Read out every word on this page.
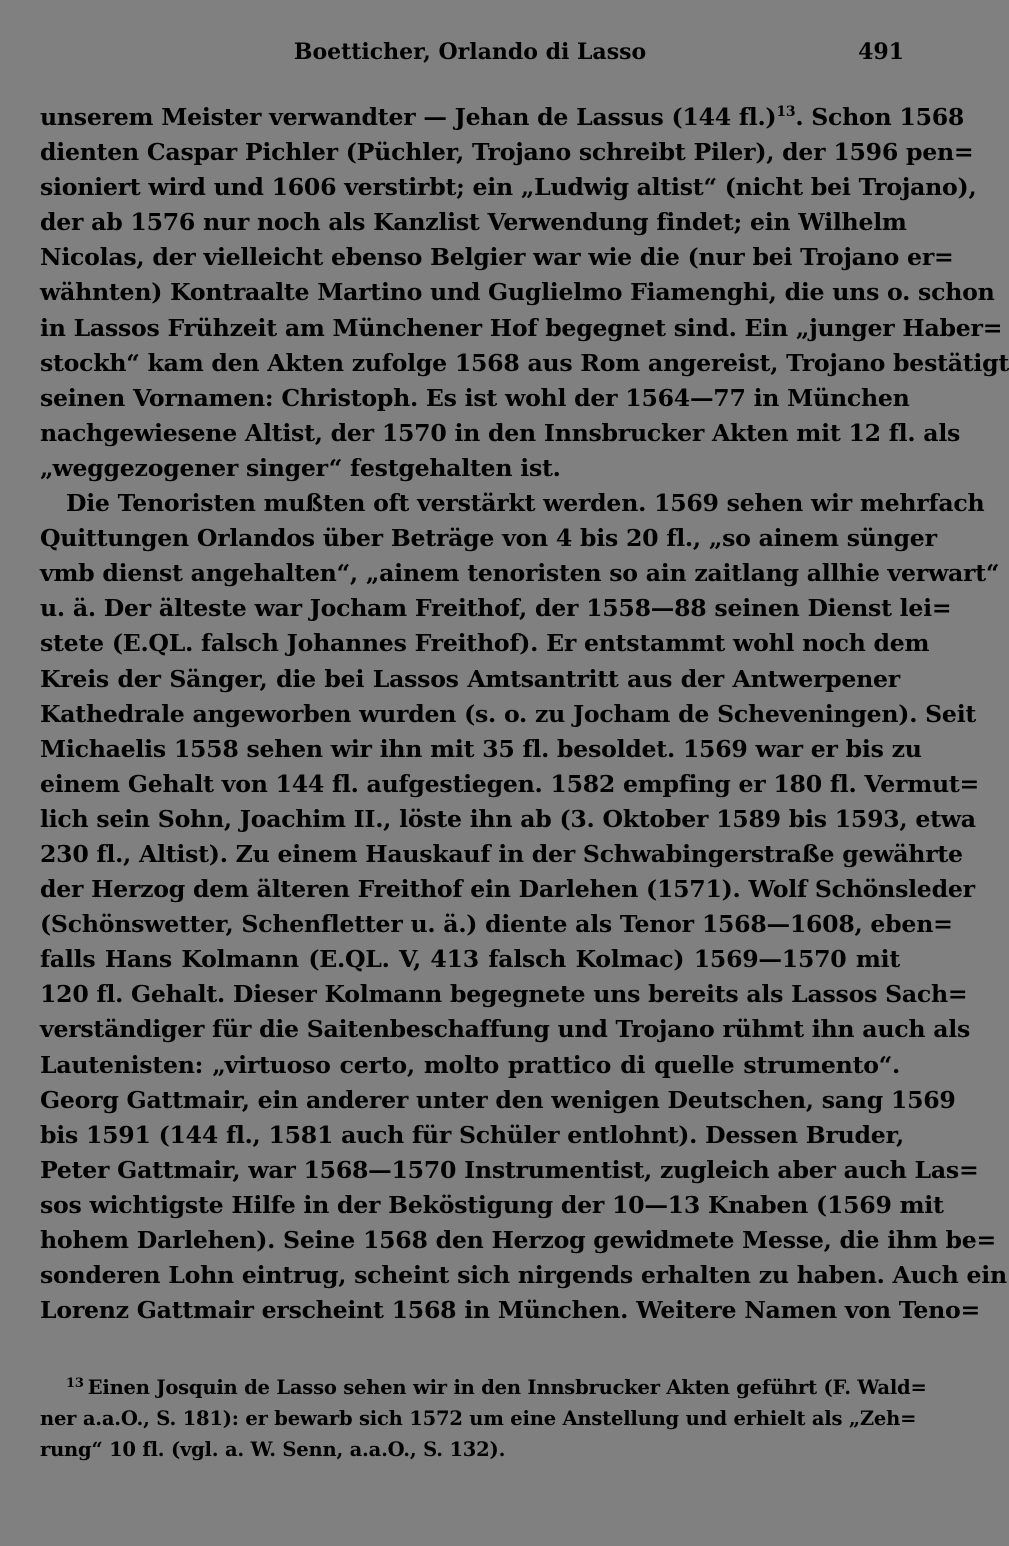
Boetticher, Orlando di Lasso	491
unserem Meister verwandter — Jehan de Lassus (144 fl.)$^{13}$. Schon 1568
dienten Caspar Pichler (Püchler, Trojano schreibt Piler), der 1596 pen=
sioniert wird und 1606 verstirbt; ein „Ludwig altist“ (nicht bei Trojano),
der ab 1576 nur noch als Kanzlist Verwendung findet; ein Wilhelm
Nicolas, der vielleicht ebenso Belgier war wie die (nur bei Trojano er=
wähnten) Kontraalte Martino und Guglielmo Fiamenghi, die uns o. schon
in Lassos Frühzeit am Münchener Hof begegnet sind. Ein „junger Haber=
stockh“ kam den Akten zufolge 1568 aus Rom angereist, Trojano bestätigt
seinen Vornamen: Christoph. Es ist wohl der 1564—77 in München
nachgewiesene Altist, der 1570 in den Innsbrucker Akten mit 12 fl. als
„weggezogener singer“ festgehalten ist.
Die Tenoristen mußten oft verstärkt werden. 1569 sehen wir mehrfach
Quittungen Orlandos über Beträge von 4 bis 20 fl., „so ainem sünger
vmb dienst angehalten“, „ainem tenoristen so ain zaitlang allhie verwart“
u. ä. Der älteste war Jocham Freithof, der 1558—88 seinen Dienst lei=
stete (E.QL. falsch Johannes Freithof). Er entstammt wohl noch dem
Kreis der Sänger, die bei Lassos Amtsantritt aus der Antwerpener
Kathedrale angeworben wurden (s. o. zu Jocham de Scheveningen). Seit
Michaelis 1558 sehen wir ihn mit 35 fl. besoldet. 1569 war er bis zu
einem Gehalt von 144 fl. aufgestiegen. 1582 empfing er 180 fl. Vermut=
lich sein Sohn, Joachim II., löste ihn ab (3. Oktober 1589 bis 1593, etwa
230 fl., Altist). Zu einem Hauskauf in der Schwabingerstraße gewährte
der Herzog dem älteren Freithof ein Darlehen (1571). Wolf Schönsleder
(Schönswetter, Schenfletter u. ä.) diente als Tenor 1568—1608, eben=
falls Hans Kolmann (E.QL. V, 413 falsch Kolmac) 1569—1570 mit
120 fl. Gehalt. Dieser Kolmann begegnete uns bereits als Lassos Sach=
verständiger für die Saitenbeschaffung und Trojano rühmt ihn auch als
Lautenisten: „virtuoso certo, molto prattico di quelle strumento“.
Georg Gattmair, ein anderer unter den wenigen Deutschen, sang 1569
bis 1591 (144 fl., 1581 auch für Schüler entlohnt). Dessen Bruder,
Peter Gattmair, war 1568—1570 Instrumentist, zugleich aber auch Las=
sos wichtigste Hilfe in der Beköstigung der 10—13 Knaben (1569 mit
hohem Darlehen). Seine 1568 den Herzog gewidmete Messe, die ihm be=
sonderen Lohn eintrug, scheint sich nirgends erhalten zu haben. Auch ein
Lorenz Gattmair erscheint 1568 in München. Weitere Namen von Teno=
$^{13}$ Einen Josquin de Lasso sehen wir in den Innsbrucker Akten geführt (F. Wald=
ner a.a.O., S. 181): er bewarb sich 1572 um eine Anstellung und erhielt als „Zeh=
rung“ 10 fl. (vgl. a. W. Senn, a.a.O., S. 132).
